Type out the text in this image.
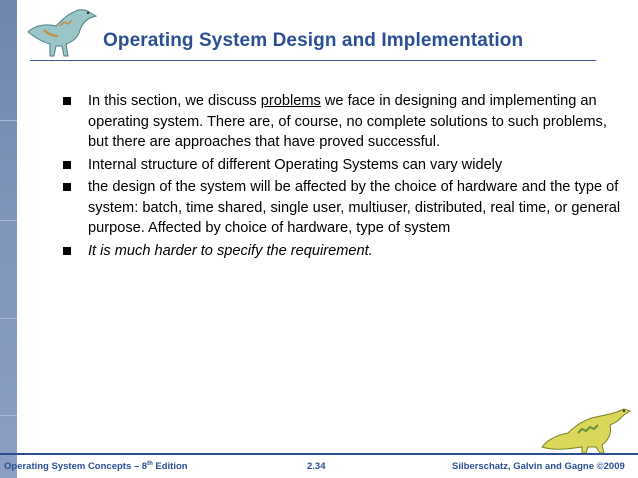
Operating System Design and Implementation
In this section, we discuss problems we face in designing and implementing an operating system. There are, of course, no complete solutions to such problems, but there are approaches that have proved successful.
Internal structure of different Operating Systems can vary widely
the design of the system will be affected by the choice of hardware and the type of system: batch, time shared, single user, multiuser, distributed, real time, or general purpose. Affected by choice of hardware, type of system
It is much harder to specify the requirement.
Operating System Concepts – 8th Edition	2.34	Silberschatz, Galvin and Gagne ©2009
